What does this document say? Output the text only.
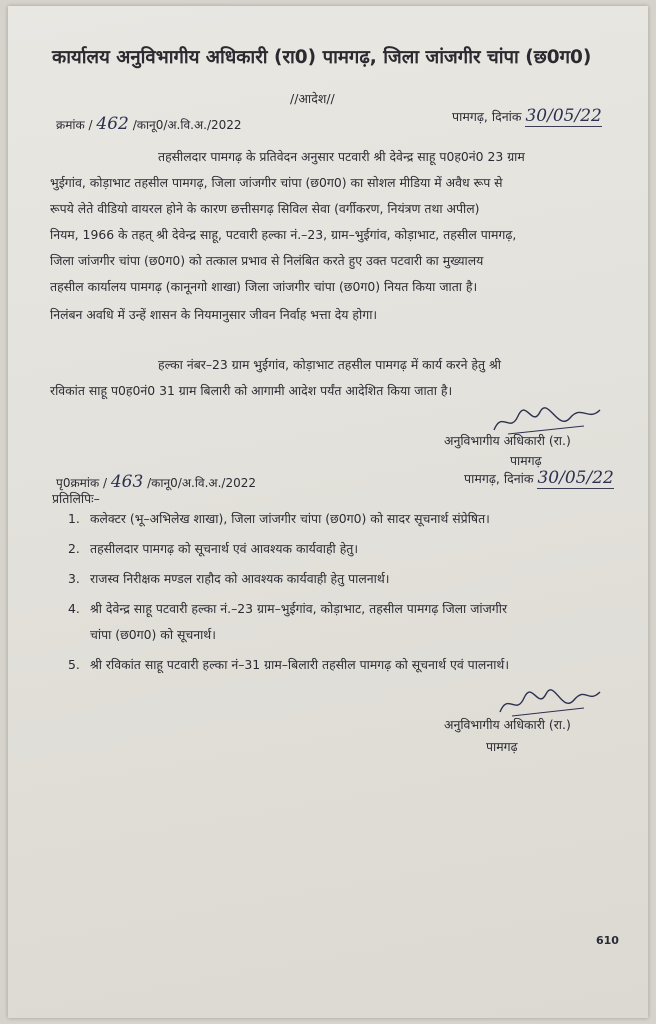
कार्यालय अनुविभागीय अधिकारी (रा0) पामगढ़, जिला जांजगीर चांपा (छ0ग0)
//आदेश//
क्रमांक / 462 /कानू0/अ.वि.अ./2022
पामगढ़, दिनांक 30/05/22
तहसीलदार पामगढ़ के प्रतिवेदन अनुसार पटवारी श्री देवेन्द्र साहू प0ह0नं0 23 ग्राम
भुईगांव, कोड़ाभाट तहसील पामगढ़, जिला जांजगीर चांपा (छ0ग0) का सोशल मीडिया में अवैध रूप से
रूपये लेते वीडियो वायरल होने के कारण छत्तीसगढ़ सिविल सेवा (वर्गीकरण, नियंत्रण तथा अपील)
नियम, 1966 के तहत् श्री देवेन्द्र साहू, पटवारी हल्का नं.–23, ग्राम–भुईगांव, कोड़ाभाट, तहसील पामगढ़,
जिला जांजगीर चांपा (छ0ग0) को तत्काल प्रभाव से निलंबित करते हुए उक्त पटवारी का मुख्यालय
तहसील कार्यालय पामगढ़ (कानूनगो शाखा) जिला जांजगीर चांपा (छ0ग0) नियत किया जाता है।
निलंबन अवधि में उन्हें शासन के नियमानुसार जीवन निर्वाह भत्ता देय होगा।
हल्का नंबर–23 ग्राम भुईगांव, कोड़ाभाट तहसील पामगढ़ में कार्य करने हेतु श्री
रविकांत साहू प0ह0नं0 31 ग्राम बिलारी को आगामी आदेश पर्यंत आदेशित किया जाता है।
अनुविभागीय अधिकारी (रा.)
पामगढ़
पृ0क्रमांक / 463 /कानू0/अ.वि.अ./2022	पामगढ़, दिनांक 30/05/22
प्रतिलिपिः–
1. कलेक्टर (भू–अभिलेख शाखा), जिला जांजगीर चांपा (छ0ग0) को सादर सूचनार्थ संप्रेषित।
2. तहसीलदार पामगढ़ को सूचनार्थ एवं आवश्यक कार्यवाही हेतु।
3. राजस्व निरीक्षक मण्डल राहौद को आवश्यक कार्यवाही हेतु पालनार्थ।
4. श्री देवेन्द्र साहू पटवारी हल्का नं.–23 ग्राम–भुईगांव, कोड़ाभाट, तहसील पामगढ़ जिला जांजगीर
चांपा (छ0ग0) को सूचनार्थ।
5. श्री रविकांत साहू पटवारी हल्का नं–31 ग्राम–बिलारी तहसील पामगढ़ को सूचनार्थ एवं पालनार्थ।
अनुविभागीय अधिकारी (रा.)
पामगढ़
610
